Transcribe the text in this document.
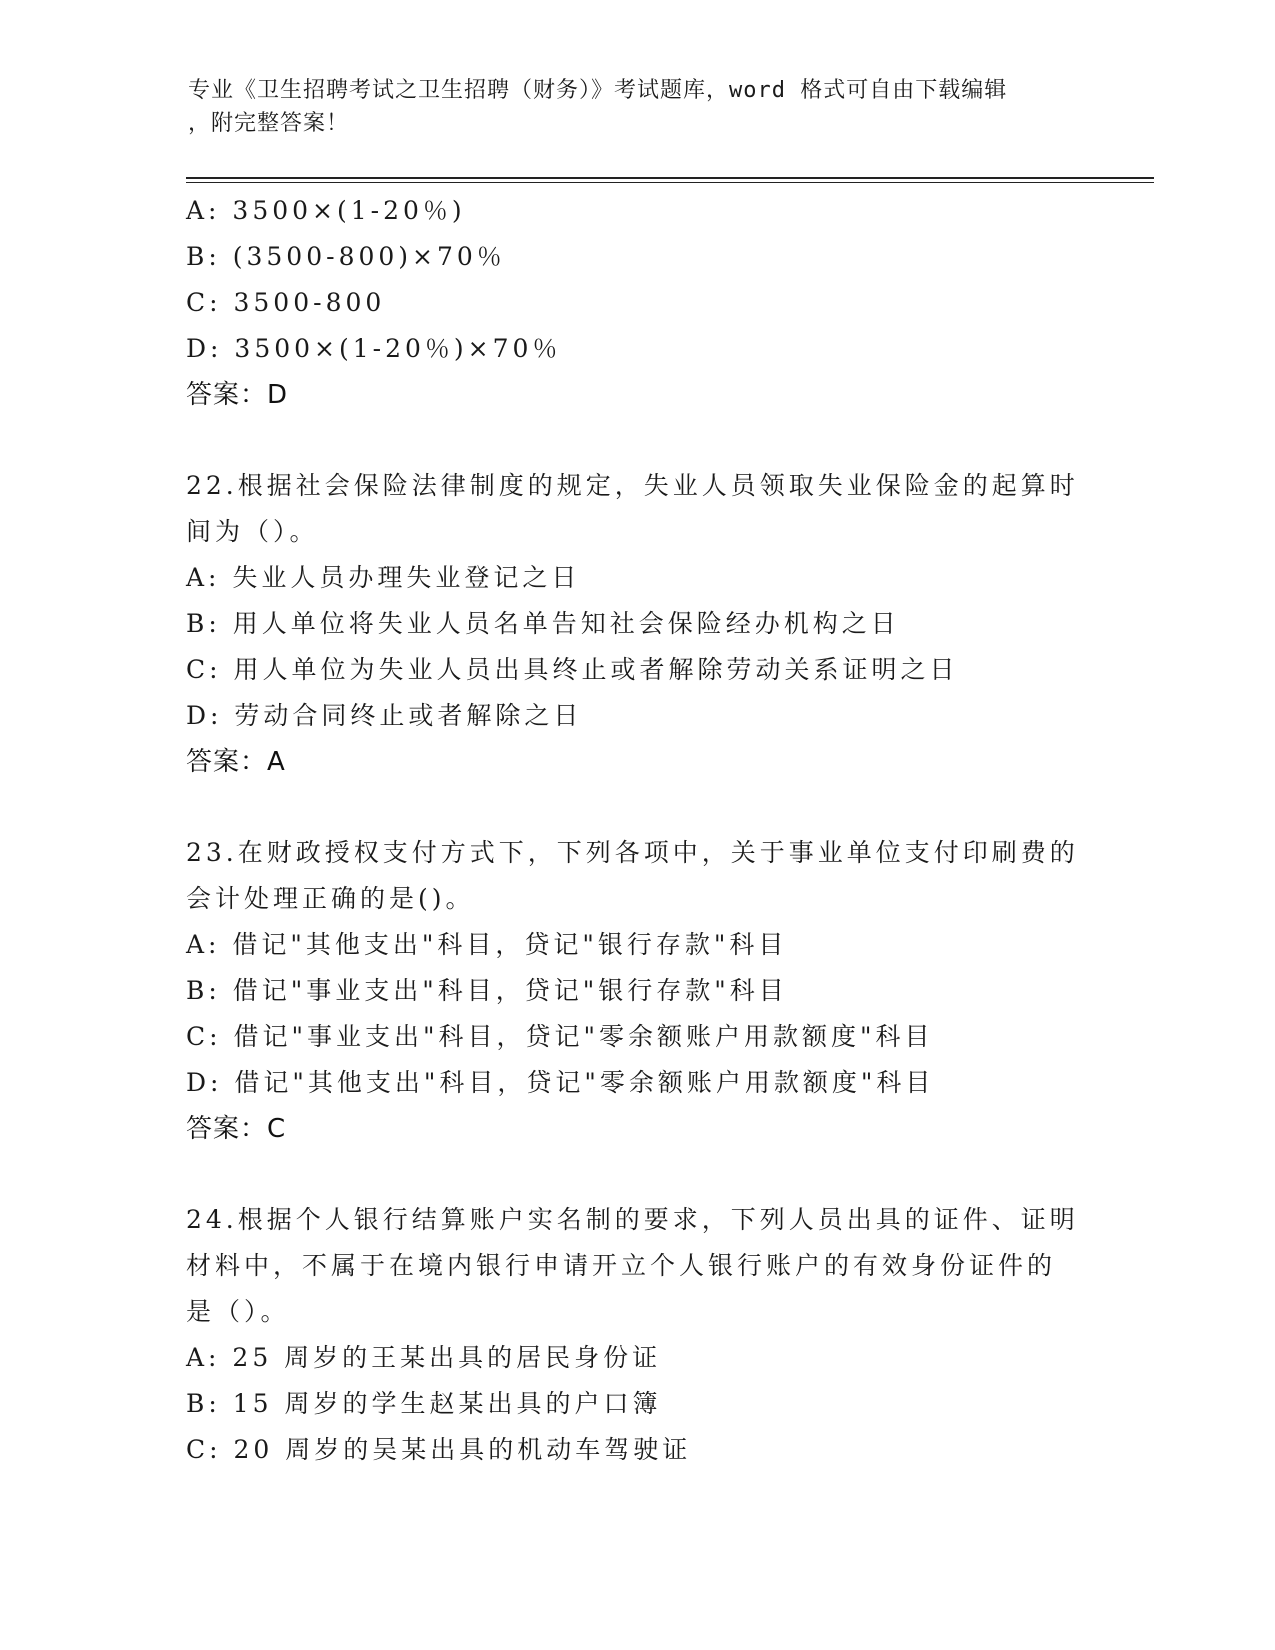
专业《卫生招聘考试之卫生招聘（财务）》考试题库，word 格式可自由下载编辑
，附完整答案！
A: 3500×(1-20％)
B: (3500-800)×70％
C: 3500-800
D: 3500×(1-20％)×70％
答案：D
22.根据社会保险法律制度的规定，失业人员领取失业保险金的起算时
间为（）。
A: 失业人员办理失业登记之日
B: 用人单位将失业人员名单告知社会保险经办机构之日
C: 用人单位为失业人员出具终止或者解除劳动关系证明之日
D: 劳动合同终止或者解除之日
答案：A
23.在财政授权支付方式下，下列各项中，关于事业单位支付印刷费的
会计处理正确的是()。
A: 借记"其他支出"科目，贷记"银行存款"科目
B: 借记"事业支出"科目，贷记"银行存款"科目
C: 借记"事业支出"科目，贷记"零余额账户用款额度"科目
D: 借记"其他支出"科目，贷记"零余额账户用款额度"科目
答案：C
24.根据个人银行结算账户实名制的要求，下列人员出具的证件、证明
材料中，不属于在境内银行申请开立个人银行账户的有效身份证件的
是（）。
A: 25 周岁的王某出具的居民身份证
B: 15 周岁的学生赵某出具的户口簿
C: 20 周岁的吴某出具的机动车驾驶证
